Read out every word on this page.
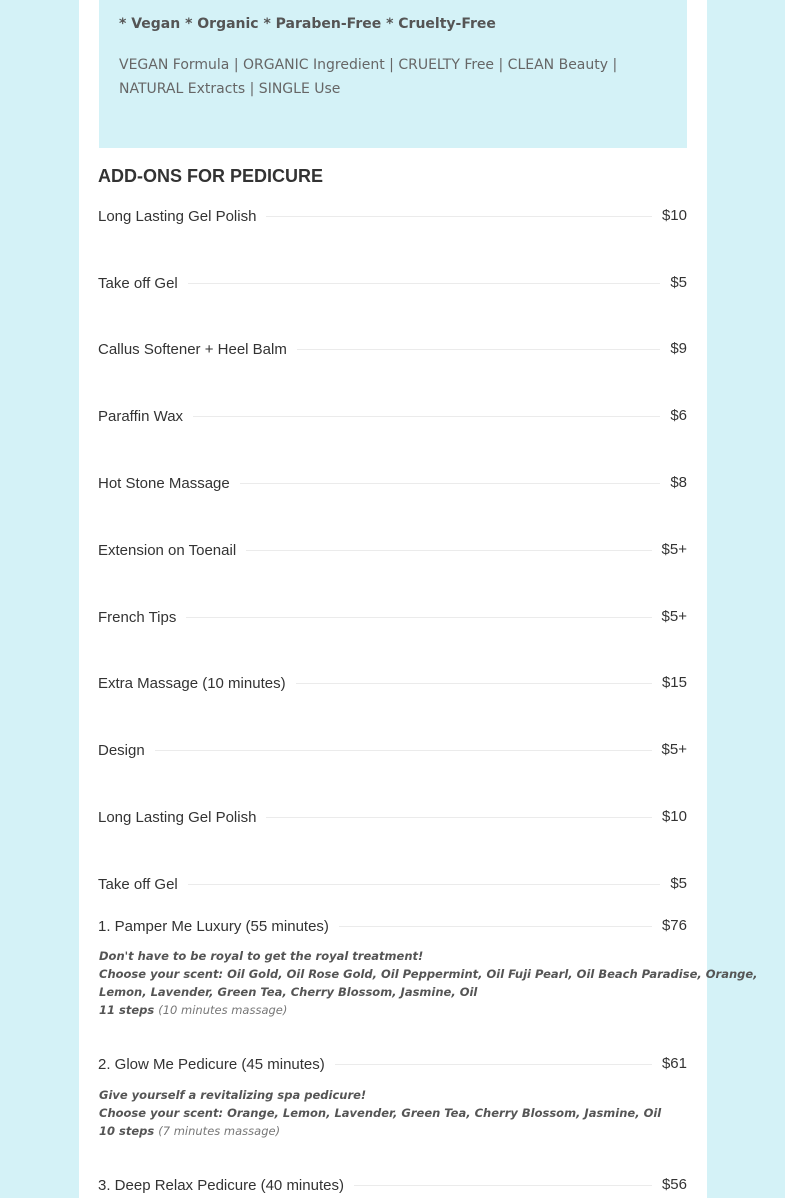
* Vegan * Organic * Paraben-Free * Cruelty-Free

VEGAN Formula | ORGANIC Ingredient | CRUELTY Free | CLEAN Beauty | NATURAL Extracts | SINGLE Use

ADD-ONS FOR PEDICURE
Long Lasting Gel Polish	$10
Take off Gel	$5
Callus Softener + Heel Balm	$9
Paraffin Wax	$6
Hot Stone Massage	$8
Extension on Toenail	$5+
French Tips	$5+
Extra Massage (10 minutes)	$15
Design	$5+
Long Lasting Gel Polish	$10
Take off Gel	$5
1. Pamper Me Luxury (55 minutes)	$76
Don't have to be royal to get the royal treatment!
Choose your scent: Oil Gold, Oil Rose Gold, Oil Peppermint, Oil Fuji Pearl, Oil Beach Paradise, Orange,
Lemon, Lavender, Green Tea, Cherry Blossom, Jasmine, Oil
11 steps (10 minutes massage)
2. Glow Me Pedicure (45 minutes)	$61
Give yourself a revitalizing spa pedicure!
Choose your scent: Orange, Lemon, Lavender, Green Tea, Cherry Blossom, Jasmine, Oil
10 steps (7 minutes massage)
3. Deep Relax Pedicure (40 minutes)	$56
